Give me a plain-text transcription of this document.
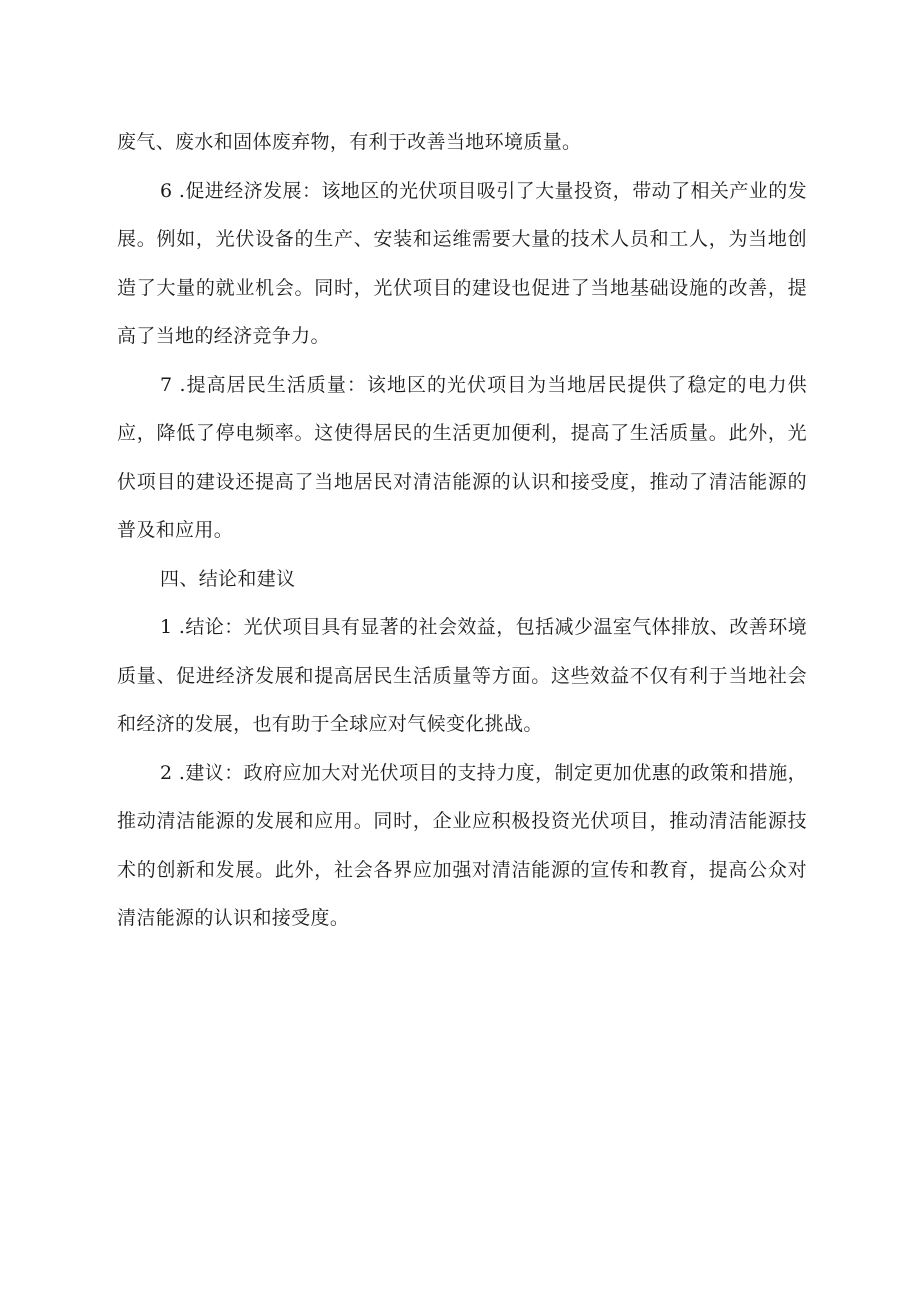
废气、废水和固体废弃物，有利于改善当地环境质量。

6 .促进经济发展：该地区的光伏项目吸引了大量投资，带动了相关产业的发展。例如，光伏设备的生产、安装和运维需要大量的技术人员和工人，为当地创造了大量的就业机会。同时，光伏项目的建设也促进了当地基础设施的改善，提高了当地的经济竞争力。

7 .提高居民生活质量：该地区的光伏项目为当地居民提供了稳定的电力供应，降低了停电频率。这使得居民的生活更加便利，提高了生活质量。此外，光伏项目的建设还提高了当地居民对清洁能源的认识和接受度，推动了清洁能源的普及和应用。

四、结论和建议

1 .结论：光伏项目具有显著的社会效益，包括减少温室气体排放、改善环境质量、促进经济发展和提高居民生活质量等方面。这些效益不仅有利于当地社会和经济的发展，也有助于全球应对气候变化挑战。

2 .建议：政府应加大对光伏项目的支持力度，制定更加优惠的政策和措施，推动清洁能源的发展和应用。同时，企业应积极投资光伏项目，推动清洁能源技术的创新和发展。此外，社会各界应加强对清洁能源的宣传和教育，提高公众对清洁能源的认识和接受度。
